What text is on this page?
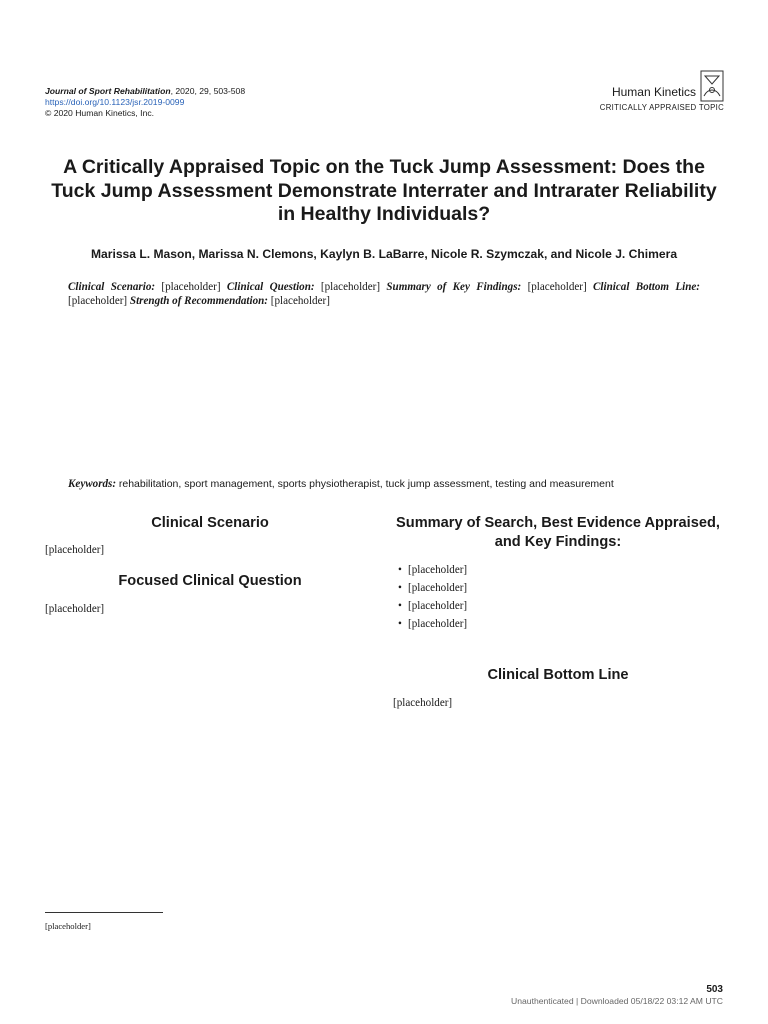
Journal of Sport Rehabilitation, 2020, 29, 503-508
https://doi.org/10.1123/jsr.2019-0099
© 2020 Human Kinetics, Inc.
Human Kinetics
CRITICALLY APPRAISED TOPIC
A Critically Appraised Topic on the Tuck Jump Assessment: Does the Tuck Jump Assessment Demonstrate Interrater and Intrarater Reliability in Healthy Individuals?
Marissa L. Mason, Marissa N. Clemons, Kaylyn B. LaBarre, Nicole R. Szymczak, and Nicole J. Chimera

Clinical Scenario: [placeholder] Clinical Question: [placeholder] Summary of Key Findings: [placeholder] Clinical Bottom Line: [placeholder] Strength of Recommendation: [placeholder]

Keywords: rehabilitation, sport management, sports physiotherapist, tuck jump assessment, testing and measurement
Clinical Scenario

[placeholder]

Focused Clinical Question

[placeholder]

Summary of Search, Best Evidence Appraised, and Key Findings:
• [placeholder]
• [placeholder]
• [placeholder]
• [placeholder]
Clinical Bottom Line

[placeholder]

[placeholder]
503
Unauthenticated | Downloaded 05/18/22 03:12 AM UTC
